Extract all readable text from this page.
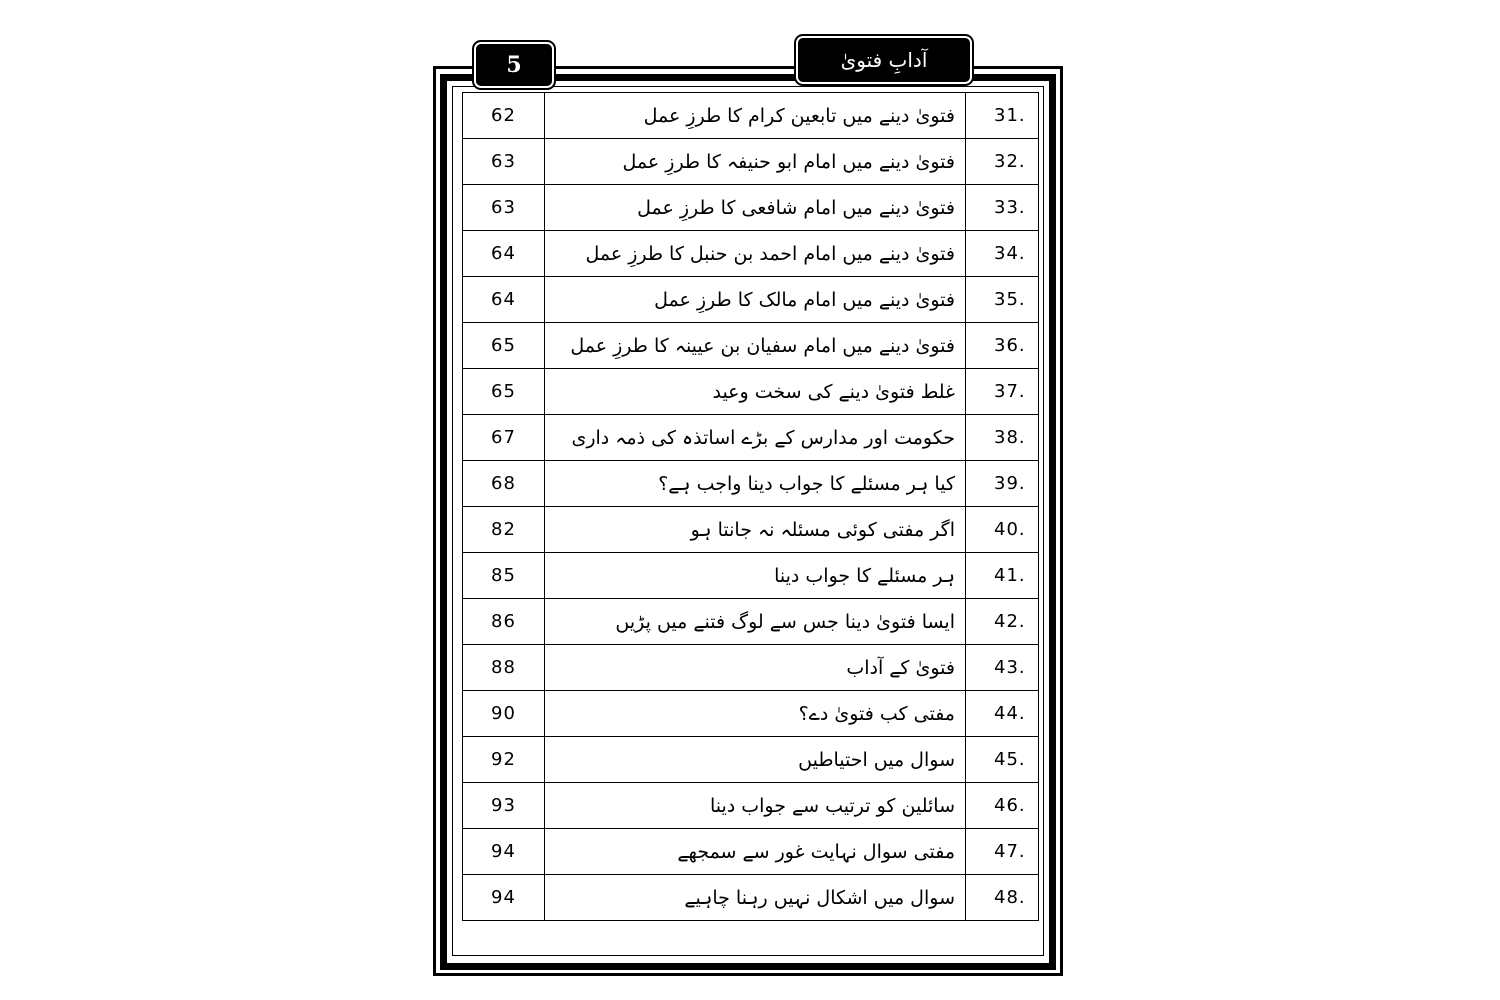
5	آدابِ فتویٰ
62	فتویٰ دینے میں تابعین کرام کا طرزِ عمل	31.
63	فتویٰ دینے میں امام ابو حنیفہ کا طرزِ عمل	32.
63	فتویٰ دینے میں امام شافعی کا طرزِ عمل	33.
64	فتویٰ دینے میں امام احمد بن حنبل کا طرزِ عمل	34.
64	فتویٰ دینے میں امام مالک کا طرزِ عمل	35.
65	فتویٰ دینے میں امام سفیان بن عیینہ کا طرزِ عمل	36.
65	غلط فتویٰ دینے کی سخت وعید	37.
67	حکومت اور مدارس کے بڑے اساتذہ کی ذمہ داری	38.
68	کیا ہر مسئلے کا جواب دینا واجب ہے؟	39.
82	اگر مفتی کوئی مسئلہ نہ جانتا ہو	40.
85	ہر مسئلے کا جواب دینا	41.
86	ایسا فتویٰ دینا جس سے لوگ فتنے میں پڑیں	42.
88	فتویٰ کے آداب	43.
90	مفتی کب فتویٰ دے؟	44.
92	سوال میں احتیاطیں	45.
93	سائلین کو ترتیب سے جواب دینا	46.
94	مفتی سوال نہایت غور سے سمجھے	47.
94	سوال میں اشکال نہیں رہنا چاہیے	48.
